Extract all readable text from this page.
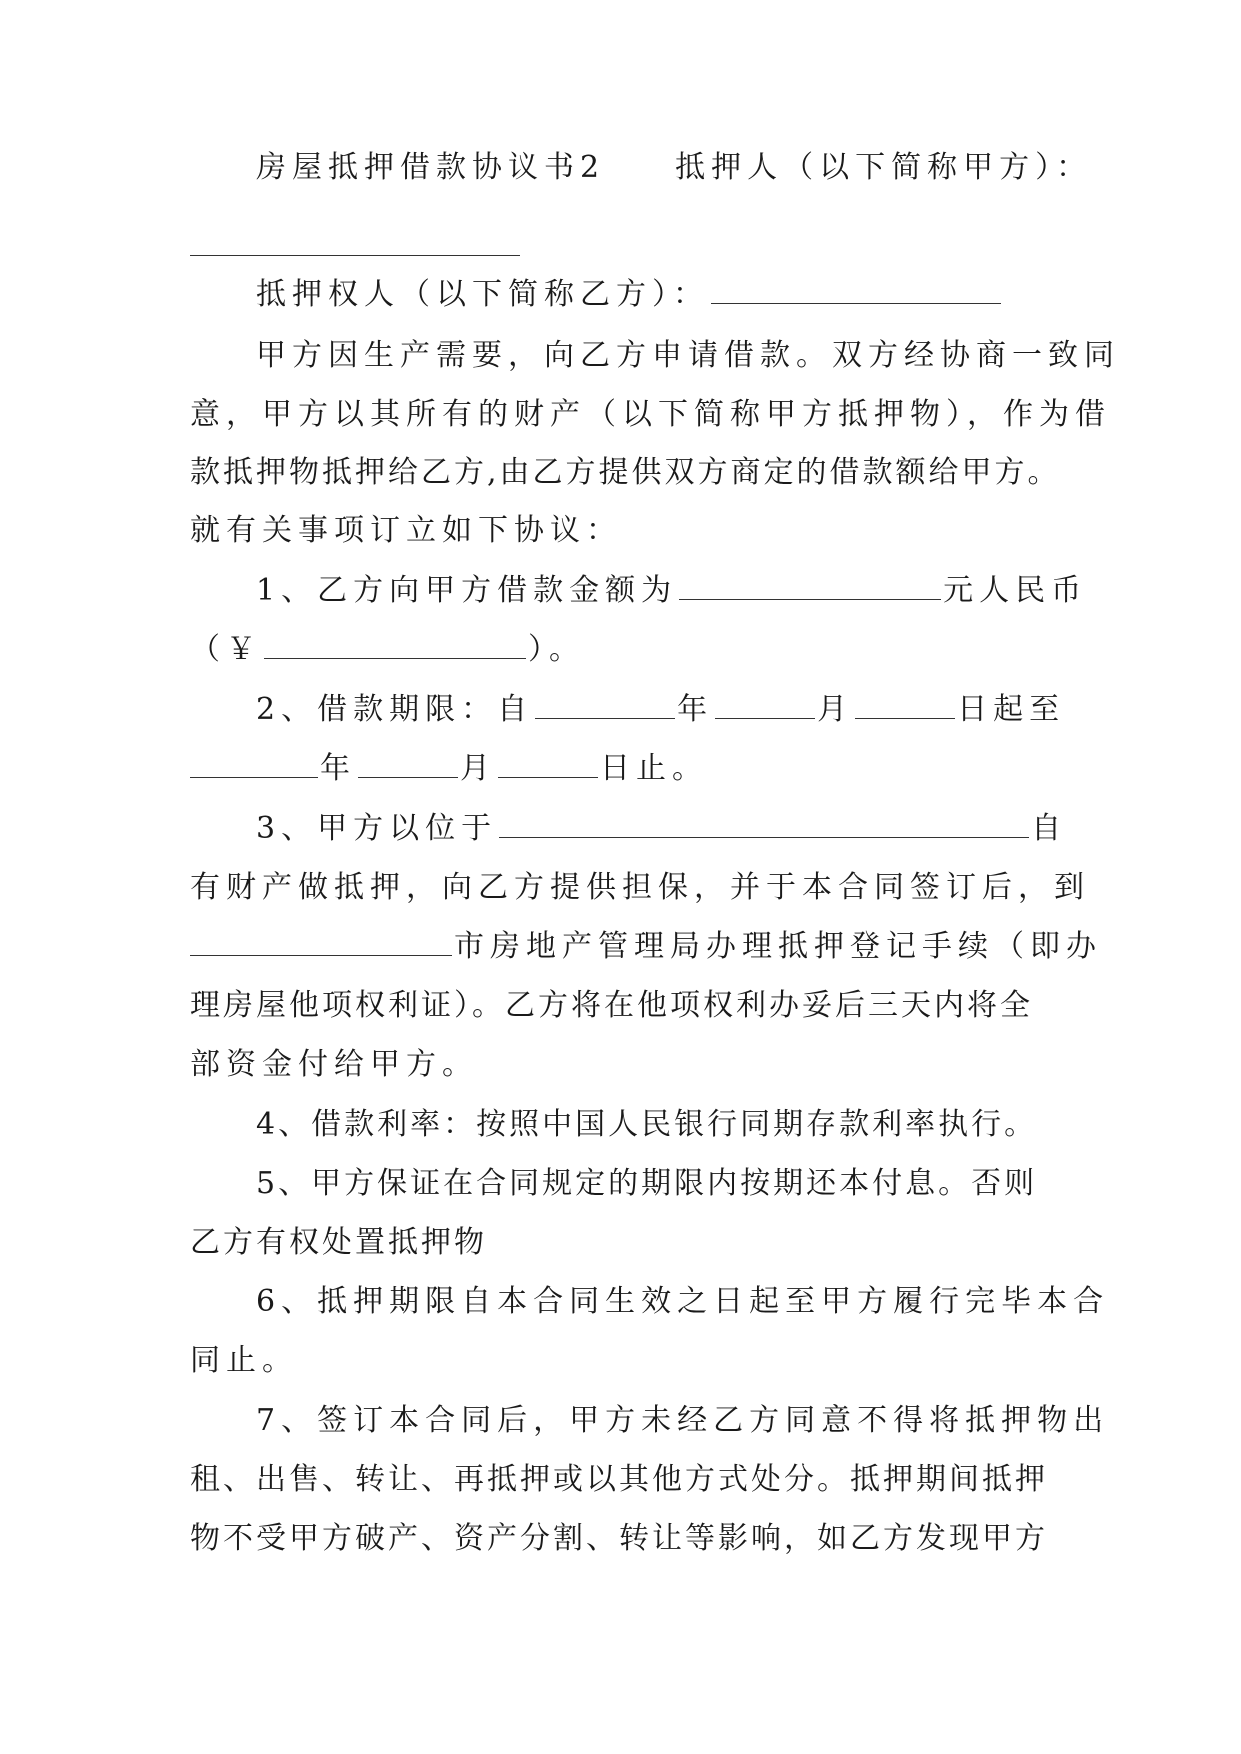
房屋抵押借款协议书2 抵押人（以下简称甲方）：
抵押权人（以下简称乙方）：
甲方因生产需要，向乙方申请借款。双方经协商一致同
意，甲方以其所有的财产（以下简称甲方抵押物），作为借
款抵押物抵押给乙方,由乙方提供双方商定的借款额给甲方。
就有关事项订立如下协议：
1、乙方向甲方借款金额为	元人民币
（￥	）。
2、借款期限：自	年	月	日起至
年	月	日止。
3、甲方以位于	自
有财产做抵押，向乙方提供担保，并于本合同签订后，到
市房地产管理局办理抵押登记手续（即办
理房屋他项权利证）。乙方将在他项权利办妥后三天内将全
部资金付给甲方。
4、借款利率：按照中国人民银行同期存款利率执行。
5、甲方保证在合同规定的期限内按期还本付息。否则
乙方有权处置抵押物
6、抵押期限自本合同生效之日起至甲方履行完毕本合
同止。
7、签订本合同后，甲方未经乙方同意不得将抵押物出
租、出售、转让、再抵押或以其他方式处分。抵押期间抵押
物不受甲方破产、资产分割、转让等影响，如乙方发现甲方
